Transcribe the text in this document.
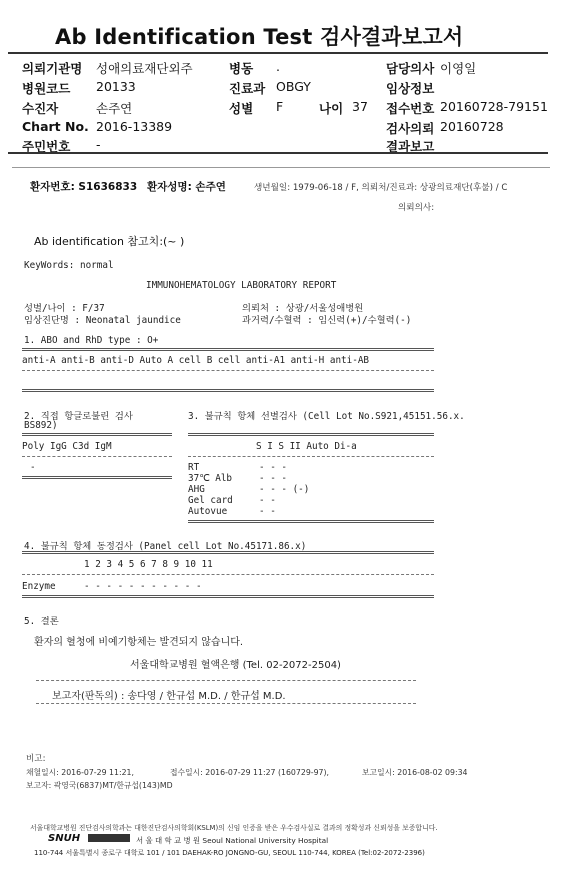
Ab Identification Test 검사결과보고서
의뢰기관명 성애의료재단외주	병동 .	담당의사 이영일
병원코드 20133	진료과 OBGY	임상정보
수진자	손주연	성별 F	나이 37 접수번호 20160728-79151
Chart No. 2016-13389	검사의뢰 20160728
주민번호 -	결과보고
환자번호: S1636833 환자성명: 손주연	생년월일: 1979-06-18 / F, 의뢰처/진료과: 상광의료재단(후불) / C
의뢰의사:
Ab identification 참고치:(~ )
KeyWords: normal
IMMUNOHEMATOLOGY LABORATORY REPORT
성별/나이 : F/37
임상진단명 : Neonatal jaundice
의뢰처 : 상광/서울성애병원
과거력/수혈력 : 임신력(+)/수혈력(-)
1. ABO and RhD type : O+
anti-A anti-B anti-D Auto A cell B cell anti-A1 anti-H anti-AB
2. 직접 항글로불린 검사
BS892)
Poly IgG C3d IgM
-
3. 불규칙 항체 선별검사 (Cell Lot No.S921,45151.56.x.
S I S II Auto Di-a
RT	- - -
37℃ Alb	- - -
AHG	- - - (-)
Gel card	- -
Autovue	- -
4. 불규칙 항체 동정검사 (Panel cell Lot No.45171.86.x)
1 2 3 4 5 6 7 8 9 10 11
Enzyme	- - - - - - - - - - -
5. 결론
환자의 혈청에 비예기항체는 발견되지 않습니다.
서울대학교병원 혈액은행 (Tel. 02-2072-2504)
보고자(판독의) : 송다영 / 한규섭 M.D. / 한규섭 M.D.
비고:
채혈일시: 2016-07-29 11:21,	접수일시: 2016-07-29 11:27 (160729-97),	보고일시: 2016-08-02 09:34
보고자: 곽영국(6837)MT/한규섭(143)MD
서울대학교병원 진단검사의학과는 대한진단검사의학회(KSLM)의 신임 인증을 받은 우수검사실로 결과의 정확성과 신뢰성을 보증합니다.
SNUH	서 울 대 학 교 병 원 Seoul National University Hospital
110-744 서울특별시 종로구 대학로 101 / 101 DAEHAK-RO JONGNO-GU, SEOUL 110-744, KOREA (Tel:02-2072-2396)
